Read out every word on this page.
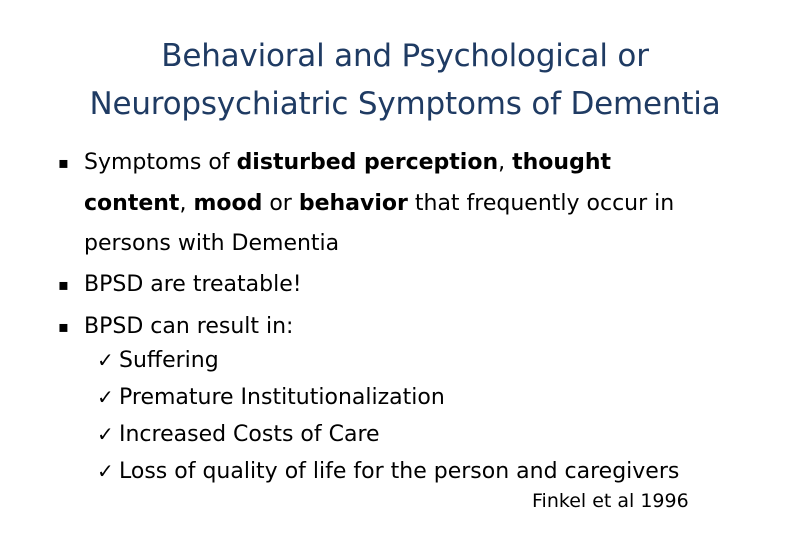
Behavioral and Psychological or
Neuropsychiatric Symptoms of Dementia
▪ Symptoms of disturbed perception, thought
content, mood or behavior that frequently occur in
persons with Dementia
▪ BPSD are treatable!
▪ BPSD can result in:
✓ Suffering
✓ Premature Institutionalization
✓ Increased Costs of Care
✓ Loss of quality of life for the person and caregivers
Finkel et al 1996
